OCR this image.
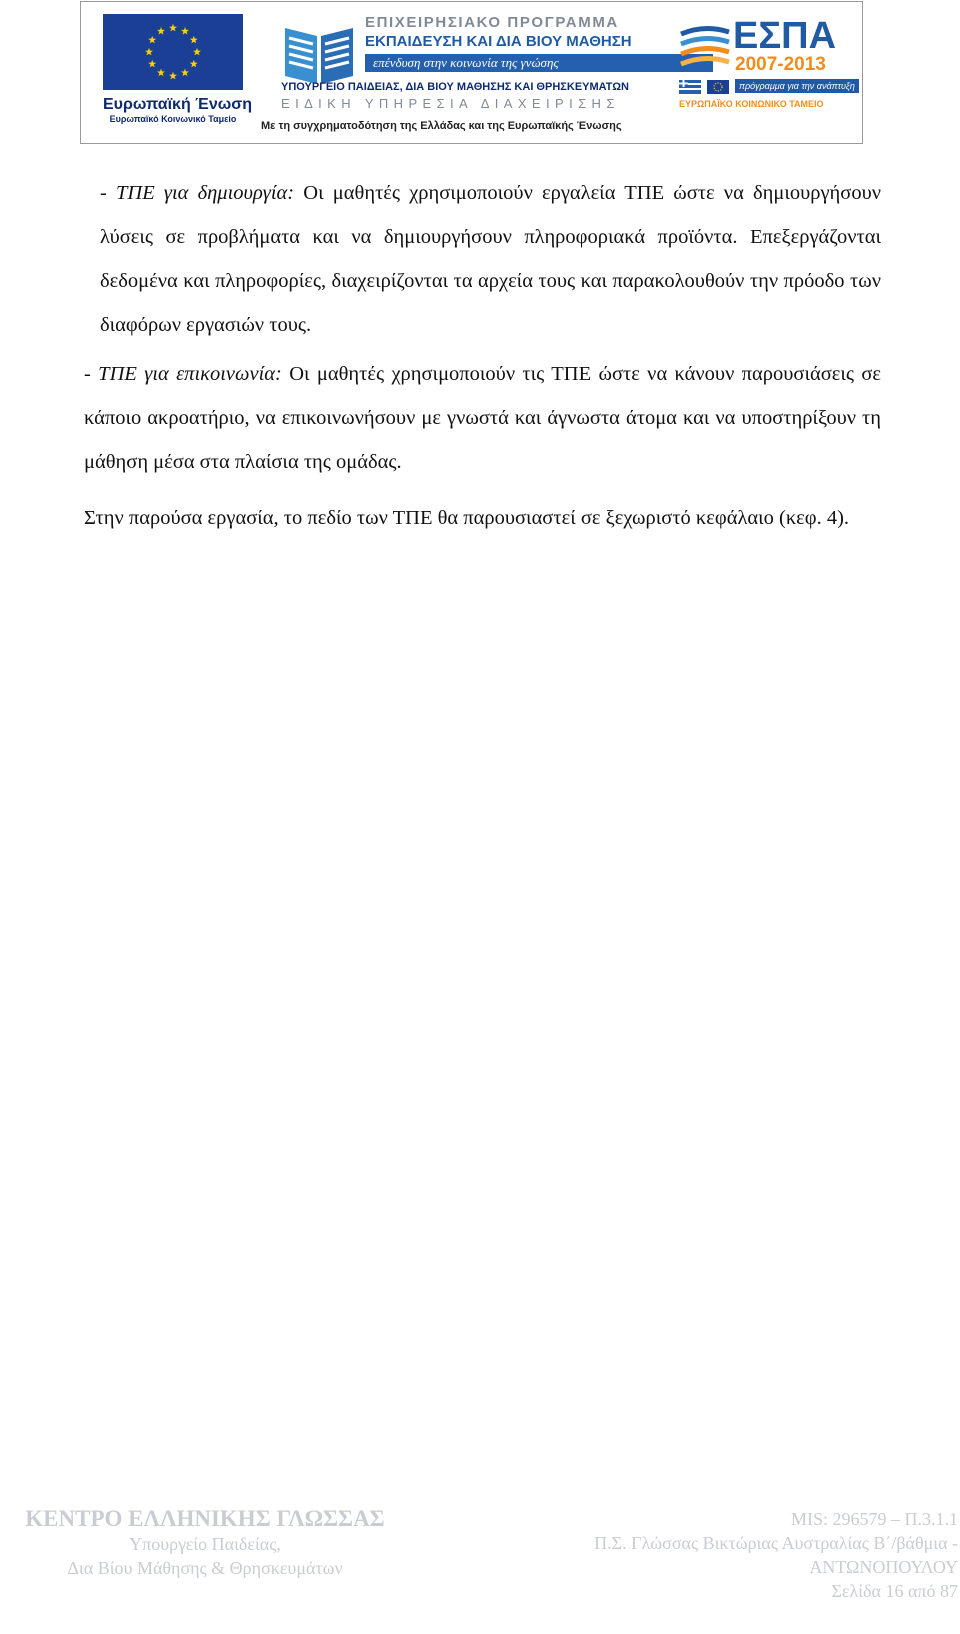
Ευρωπαϊκή Ένωση
Ευρωπαϊκό Κοινωνικό Ταμείο
ΕΠΙΧΕΙΡΗΣΙΑΚΟ ΠΡΟΓΡΑΜΜΑ
ΕΚΠΑΙΔΕΥΣΗ ΚΑΙ ΔΙΑ ΒΙΟΥ ΜΑΘΗΣΗ
επένδυση στην κοινωνία της γνώσης
ΥΠΟΥΡΓΕΙΟ ΠΑΙΔΕΙΑΣ, ΔΙΑ ΒΙΟΥ ΜΑΘΗΣΗΣ ΚΑΙ ΘΡΗΣΚΕΥΜΑΤΩΝ
ΕΙΔΙΚΗ ΥΠΗΡΕΣΙΑ ΔΙΑΧΕΙΡΙΣΗΣ
Με τη συγχρηματοδότηση της Ελλάδας και της Ευρωπαϊκής Ένωσης
ΕΣΠΑ
2007-2013
πρόγραμμα για την ανάπτυξη
ΕΥΡΩΠΑΪΚΟ ΚΟΙΝΩΝΙΚΟ ΤΑΜΕΙΟ

- ΤΠΕ για δημιουργία: Οι μαθητές χρησιμοποιούν εργαλεία ΤΠΕ ώστε να δημιουργήσουν λύσεις σε προβλήματα και να δημιουργήσουν πληροφοριακά προϊόντα. Επεξεργάζονται δεδομένα και πληροφορίες, διαχειρίζονται τα αρχεία τους και παρακολουθούν την πρόοδο των διαφόρων εργασιών τους.

- ΤΠΕ για επικοινωνία: Οι μαθητές χρησιμοποιούν τις ΤΠΕ ώστε να κάνουν παρουσιάσεις σε κάποιο ακροατήριο, να επικοινωνήσουν με γνωστά και άγνωστα άτομα και να υποστηρίξουν τη μάθηση μέσα στα πλαίσια της ομάδας.

Στην παρούσα εργασία, το πεδίο των ΤΠΕ θα παρουσιαστεί σε ξεχωριστό κεφάλαιο (κεφ. 4).

ΚΕΝΤΡΟ ΕΛΛΗΝΙΚΗΣ ΓΛΩΣΣΑΣ
Υπουργείο Παιδείας,
Δια Βίου Μάθησης & Θρησκευμάτων
MIS: 296579 – Π.3.1.1
Π.Σ. Γλώσσας Βικτώριας Αυστραλίας Β΄/βάθμια -
ΑΝΤΩΝΟΠΟΥΛΟΥ
Σελίδα 16 από 87
